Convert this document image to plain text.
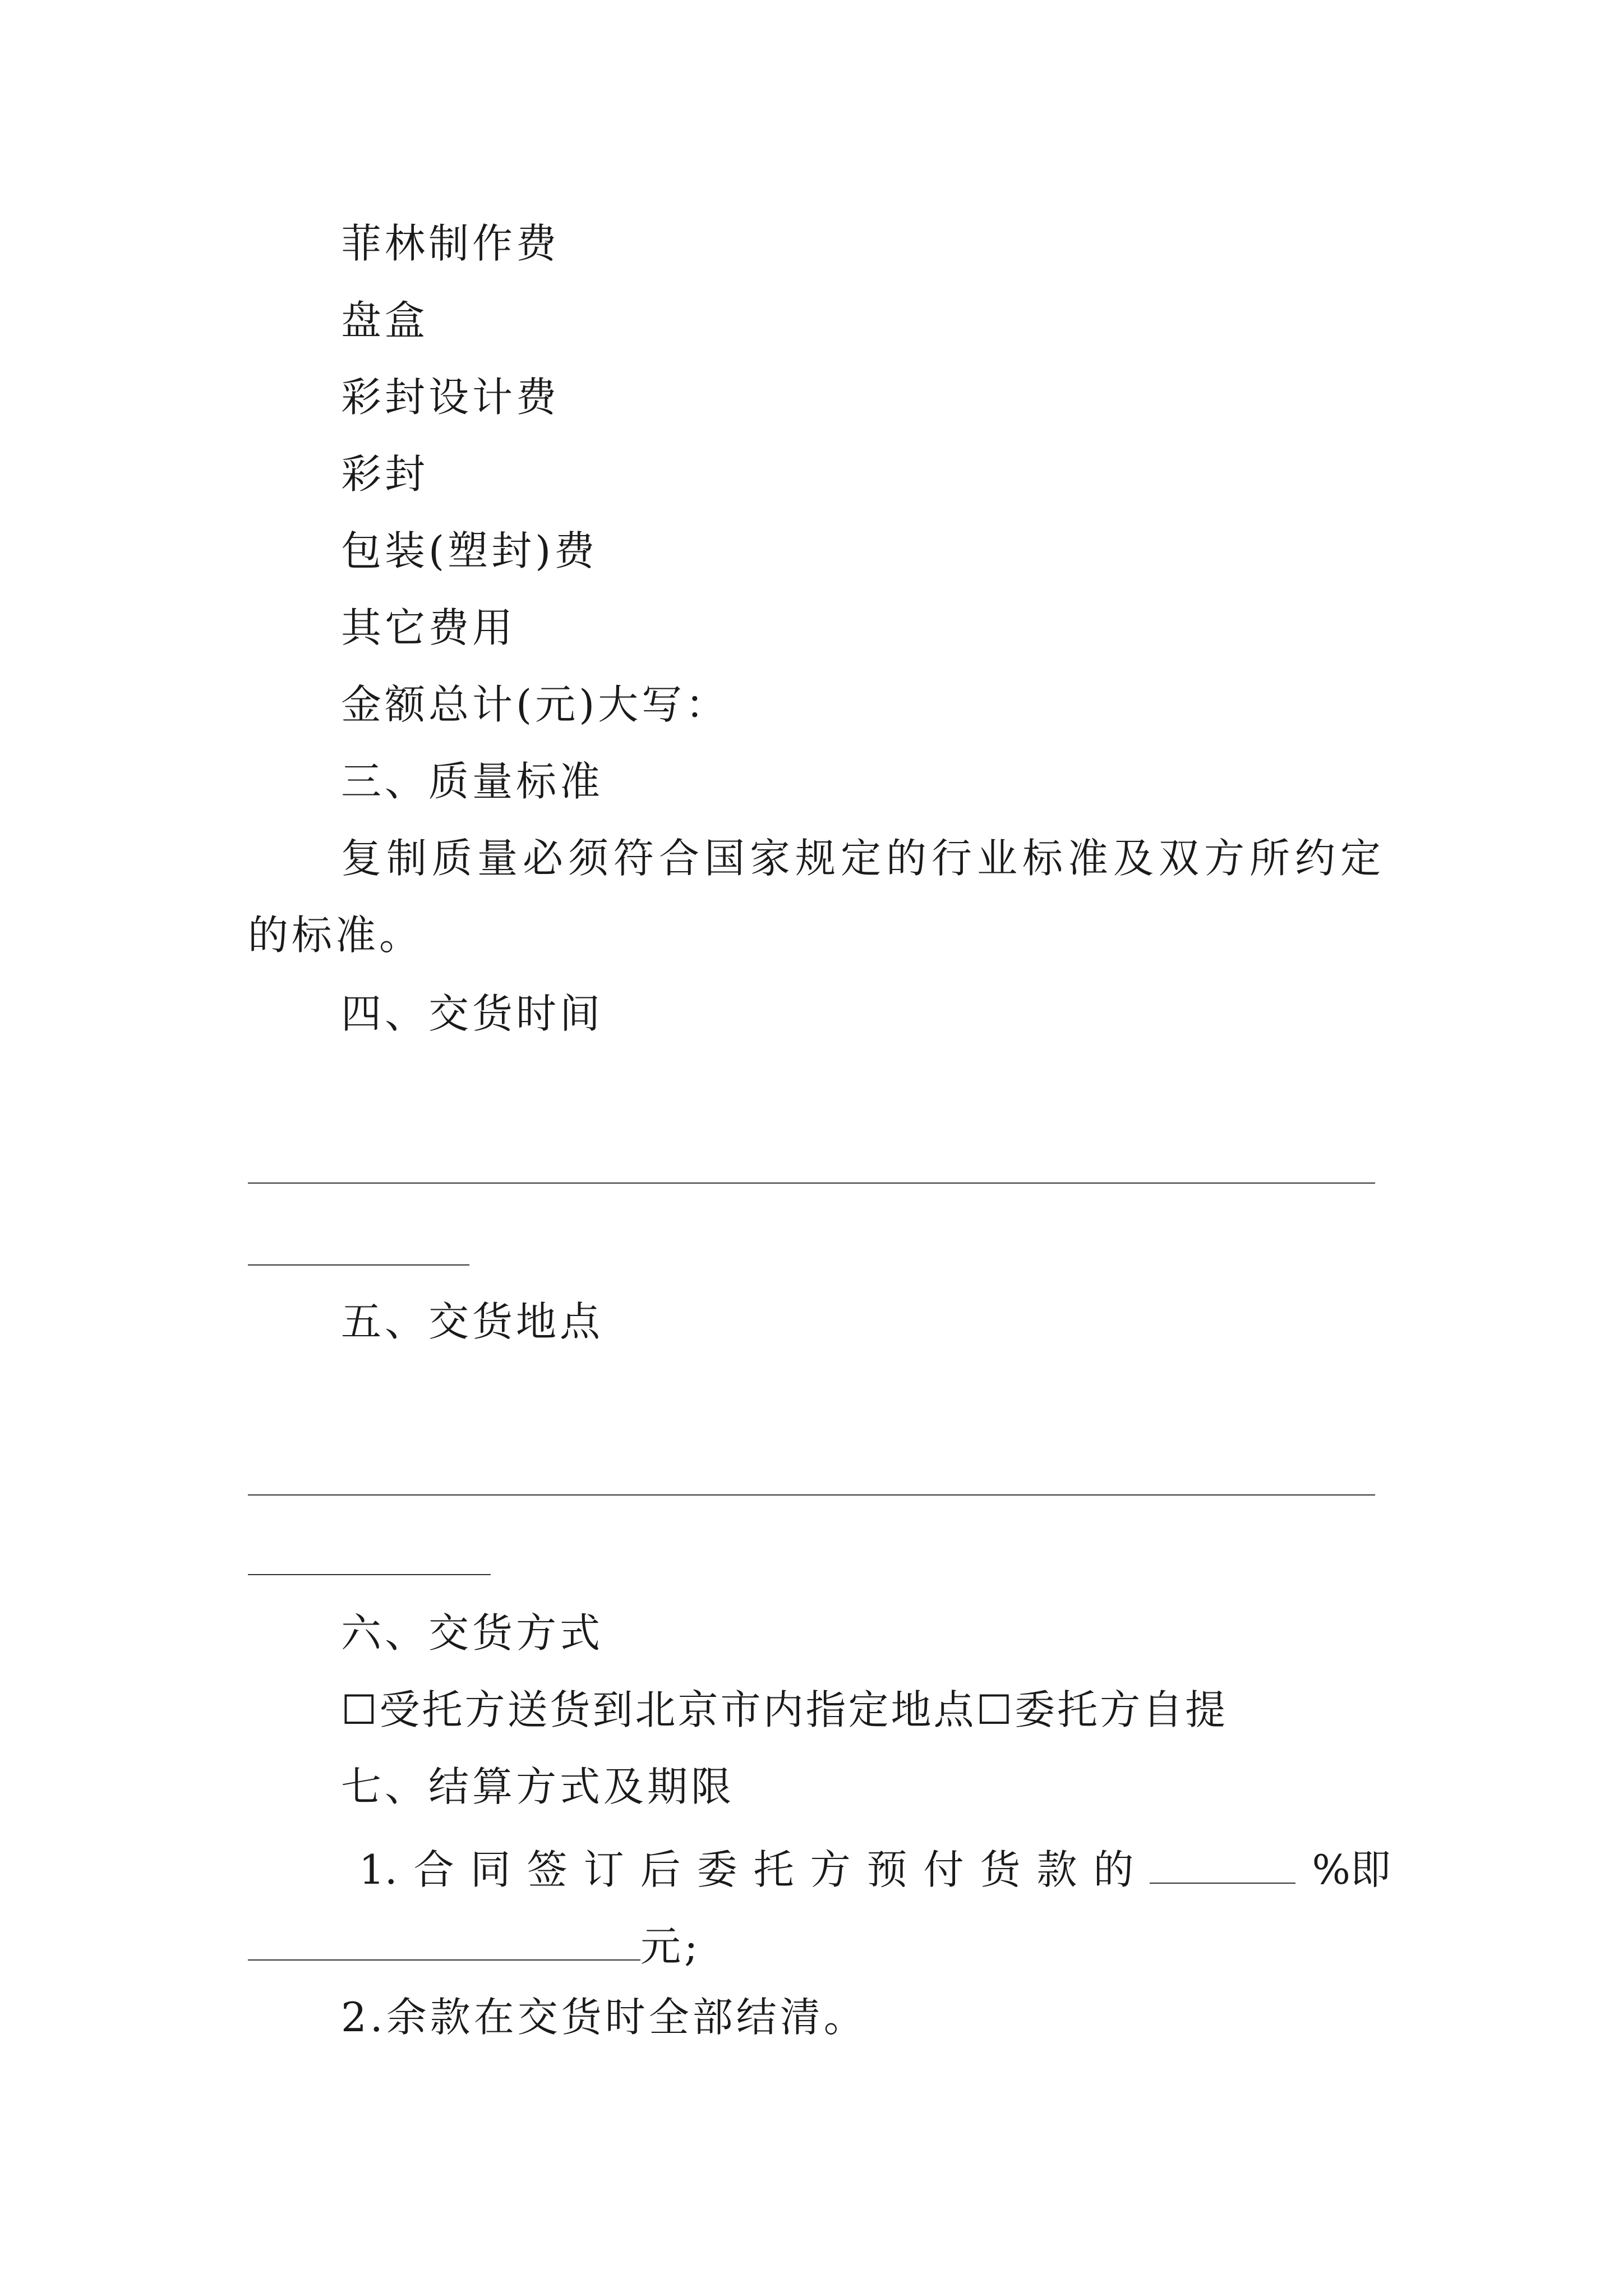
菲林制作费
盘盒
彩封设计费
彩封
包装(塑封)费
其它费用
金额总计(元)大写：
三、质量标准
复制质量必须符合国家规定的行业标准及双方所约定
的标准。
四、交货时间
五、交货地点
六、交货方式
☐受托方送货到北京市内指定地点☐委托方自提
七、结算方式及期限
1. 合 同 签 订 后 委 托 方 预 付 货 款 的	%即
元;
2.余款在交货时全部结清。
